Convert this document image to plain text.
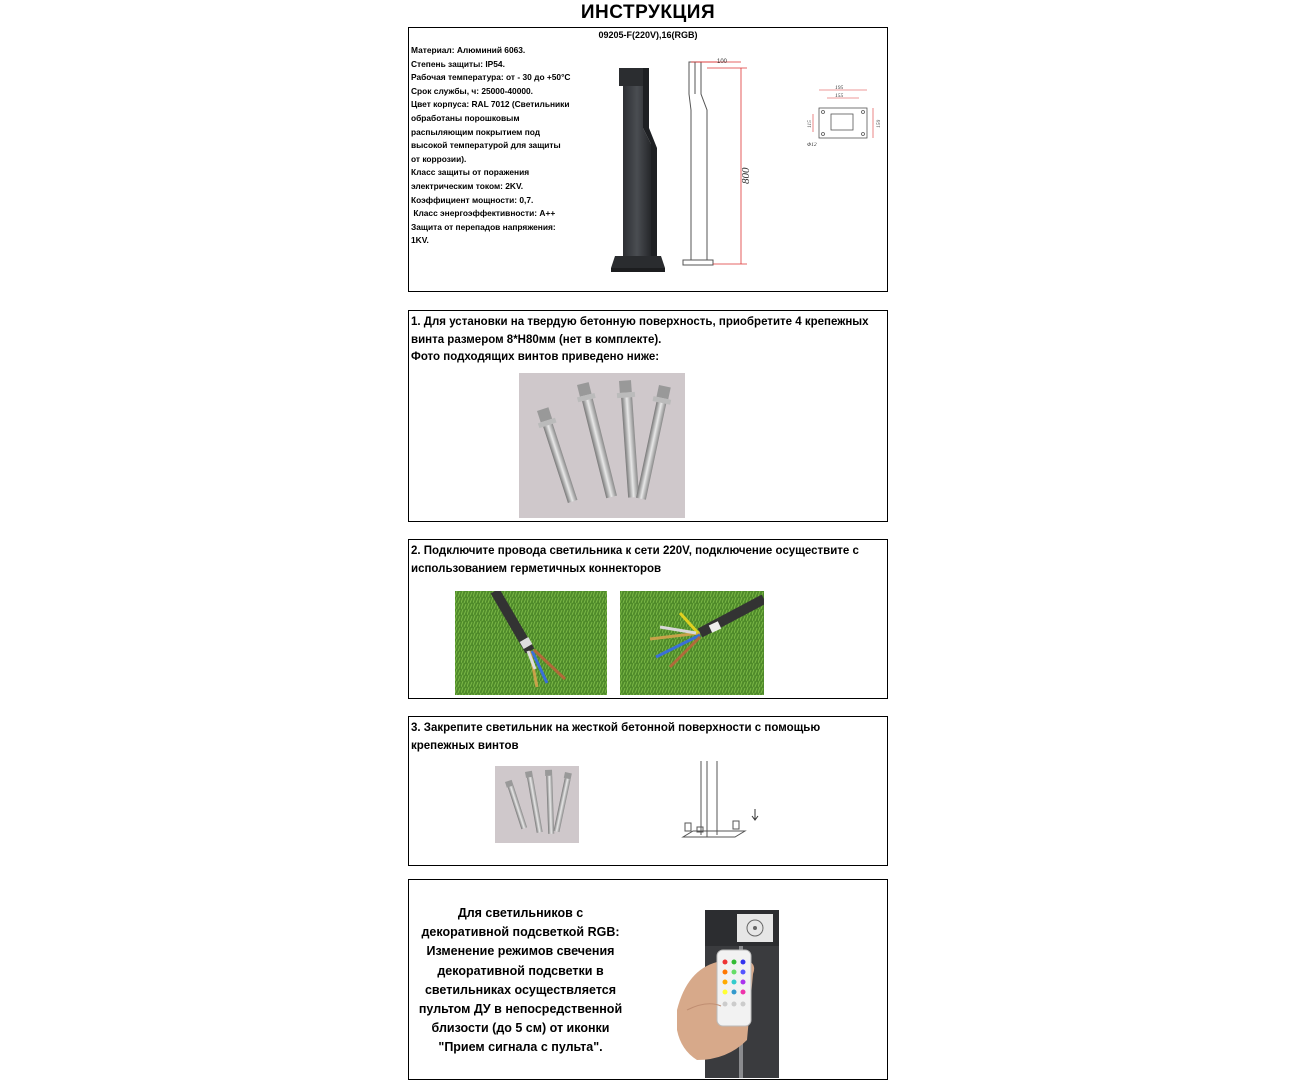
ИНСТРУКЦИЯ
09205-F(220V),16(RGB)
Материал: Алюминий 6063.
Степень защиты: IP54.
Рабочая температура: от - 30 до +50°С
Срок службы, ч: 25000-40000.
Цвет корпуса: RAL 7012 (Светильники
обработаны порошковым
распыляющим покрытием под
высокой температурой для защиты
от коррозии).
Класс защиты от поражения
электрическим током: 2KV.
Коэффициент мощности: 0,7.
Класс энергоэффективности: А++
Защита от перепадов напряжения:
1KV.
100
800
195
155
150
115
Φ12
1. Для установки на твердую бетонную поверхность, приобретите 4 крепежных винта размером 8*H80мм (нет в комплекте).
Фото подходящих винтов приведено ниже:
2. Подключите провода светильника к сети 220V, подключение осуществите с использованием герметичных коннекторов
3. Закрепите светильник на жесткой бетонной поверхности с помощью крепежных винтов
Для светильников с
декоративной подсветкой RGB:
Изменение режимов свечения
декоративной подсветки в
светильниках осуществляется
пультом ДУ в непосредственной
близости (до 5 см) от иконки
"Прием сигнала с пульта".
